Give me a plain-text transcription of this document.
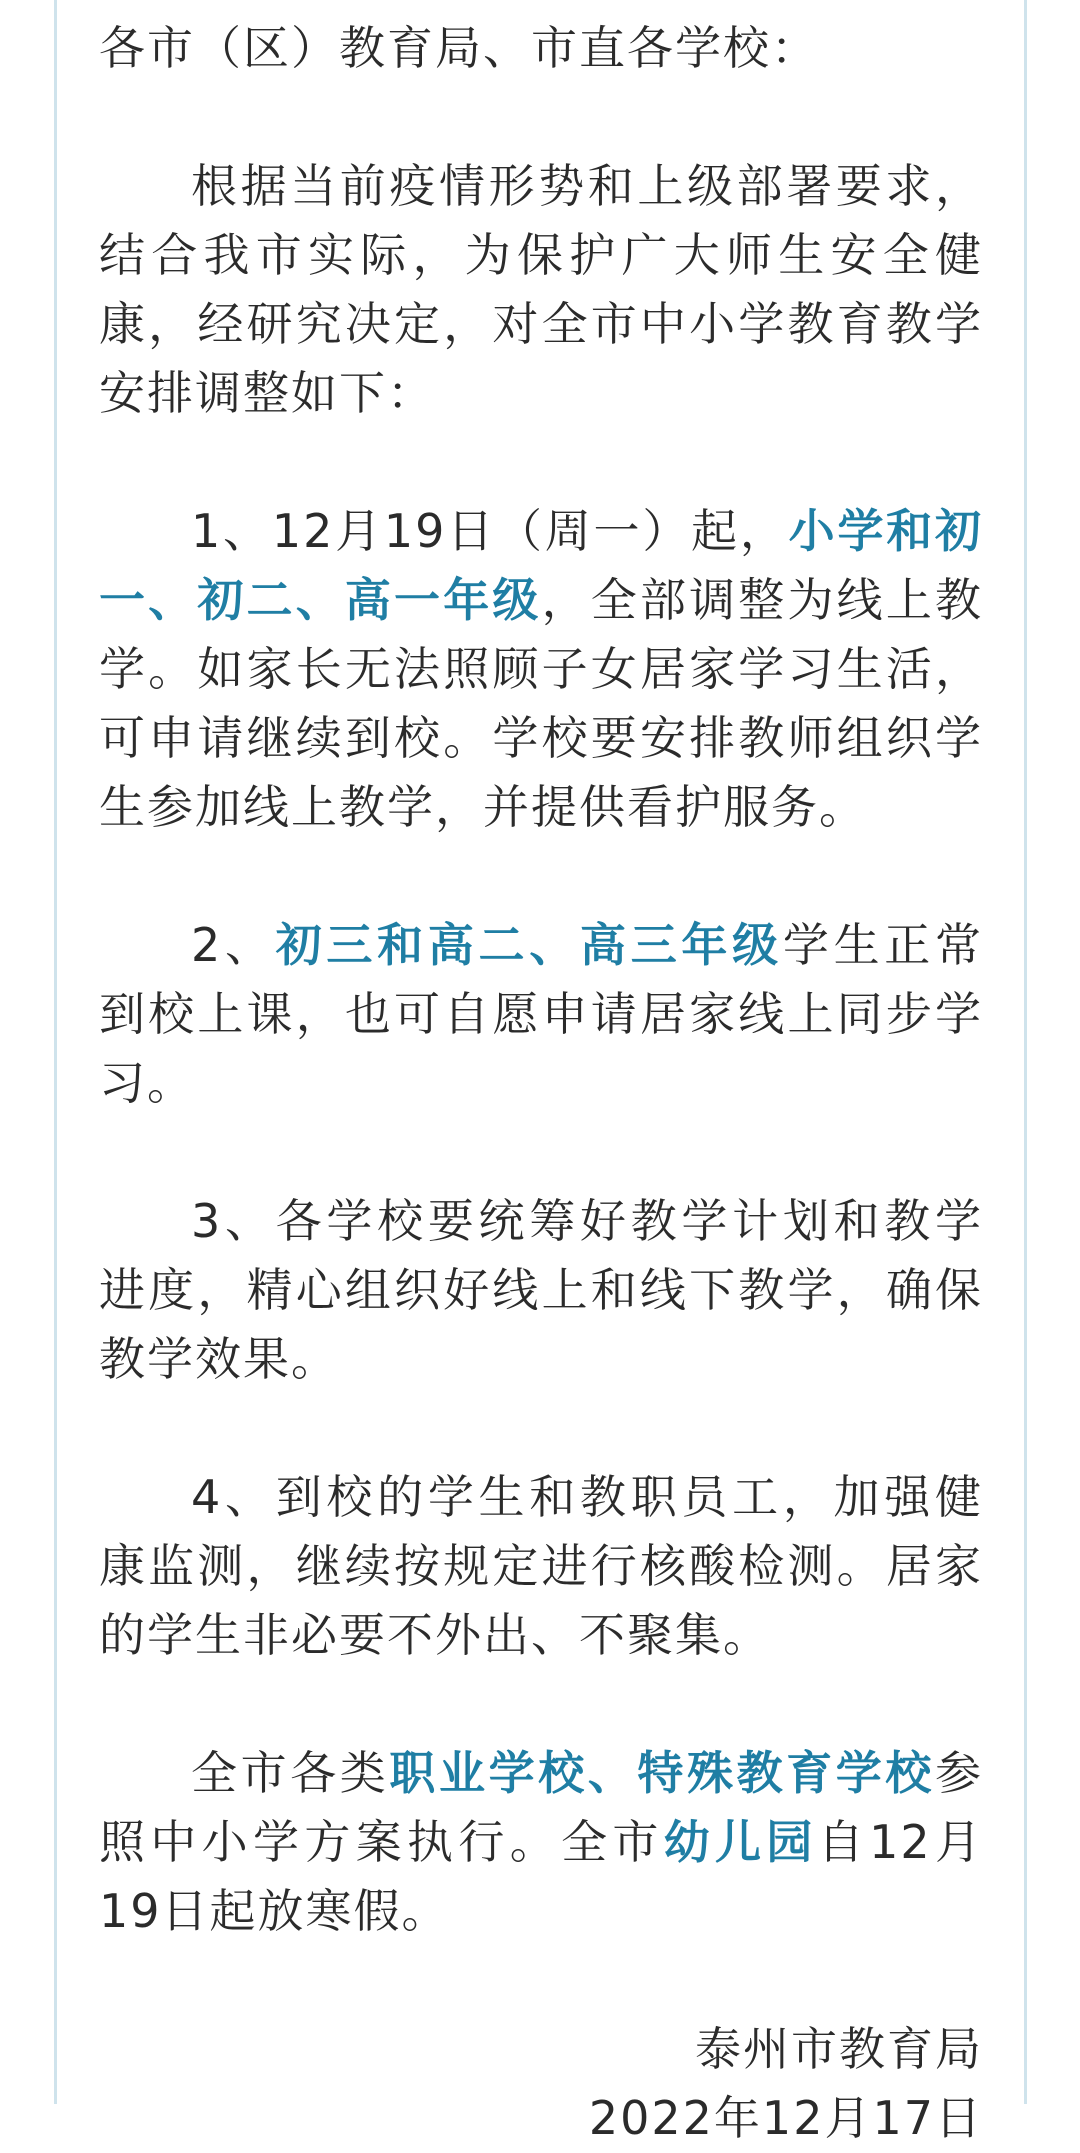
各市（区）教育局、市直各学校：

根据当前疫情形势和上级部署要求，结合我市实际，为保护广大师生安全健康，经研究决定，对全市中小学教育教学安排调整如下：

1、12月19日（周一）起，小学和初一、初二、高一年级，全部调整为线上教学。如家长无法照顾子女居家学习生活，可申请继续到校。学校要安排教师组织学生参加线上教学，并提供看护服务。

2、初三和高二、高三年级学生正常到校上课，也可自愿申请居家线上同步学习。

3、各学校要统筹好教学计划和教学进度，精心组织好线上和线下教学，确保教学效果。

4、到校的学生和教职员工，加强健康监测，继续按规定进行核酸检测。居家的学生非必要不外出、不聚集。

全市各类职业学校、特殊教育学校参照中小学方案执行。全市幼儿园自12月19日起放寒假。

泰州市教育局
2022年12月17日
